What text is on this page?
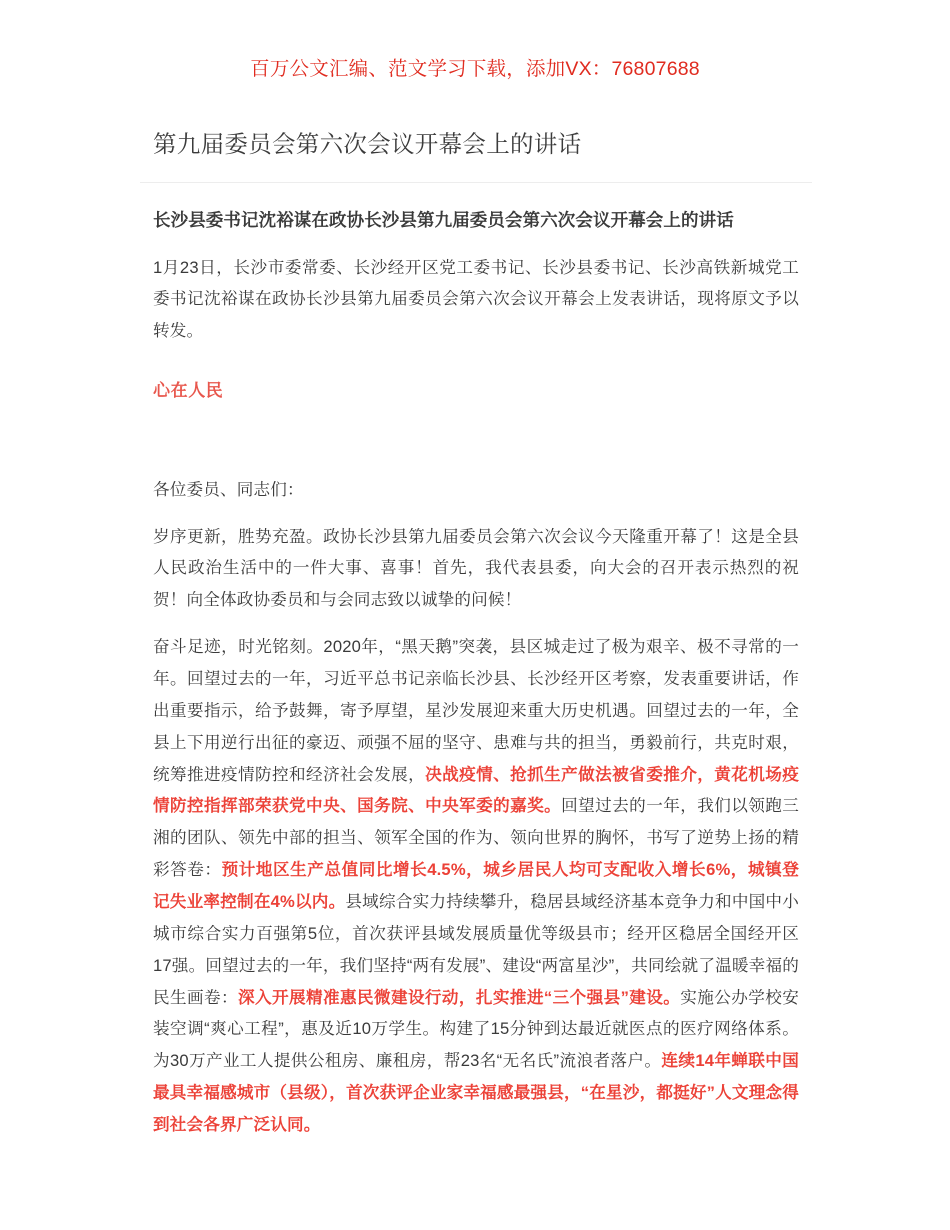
百万公文汇编、范文学习下载，添加VX：76807688
第九届委员会第六次会议开幕会上的讲话
长沙县委书记沈裕谋在政协长沙县第九届委员会第六次会议开幕会上的讲话

1月23日，长沙市委常委、长沙经开区党工委书记、长沙县委书记、长沙高铁新城党工委书记沈裕谋在政协长沙县第九届委员会第六次会议开幕会上发表讲话，现将原文予以转发。

心在人民

各位委员、同志们：

岁序更新，胜势充盈。政协长沙县第九届委员会第六次会议今天隆重开幕了！这是全县人民政治生活中的一件大事、喜事！首先，我代表县委，向大会的召开表示热烈的祝贺！向全体政协委员和与会同志致以诚挚的问候！

奋斗足迹，时光铭刻。2020年，“黑天鹅”突袭，县区城走过了极为艰辛、极不寻常的一年。回望过去的一年，习近平总书记亲临长沙县、长沙经开区考察，发表重要讲话，作出重要指示，给予鼓舞，寄予厚望，星沙发展迎来重大历史机遇。回望过去的一年，全县上下用逆行出征的豪迈、顽强不屈的坚守、患难与共的担当，勇毅前行，共克时艰，统筹推进疫情防控和经济社会发展，决战疫情、抢抓生产做法被省委推介，黄花机场疫情防控指挥部荣获党中央、国务院、中央军委的嘉奖。回望过去的一年，我们以领跑三湘的团队、领先中部的担当、领军全国的作为、领向世界的胸怀，书写了逆势上扬的精彩答卷：预计地区生产总值同比增长4.5%，城乡居民人均可支配收入增长6%，城镇登记失业率控制在4%以内。县域综合实力持续攀升，稳居县域经济基本竞争力和中国中小城市综合实力百强第5位，首次获评县域发展质量优等级县市；经开区稳居全国经开区17强。回望过去的一年，我们坚持“两有发展”、建设“两富星沙”，共同绘就了温暖幸福的民生画卷：深入开展精准惠民微建设行动，扎实推进“三个强县”建设。实施公办学校安装空调“爽心工程”，惠及近10万学生。构建了15分钟到达最近就医点的医疗网络体系。为30万产业工人提供公租房、廉租房，帮23名“无名氏”流浪者落户。连续14年蝉联中国最具幸福感城市（县级），首次获评企业家幸福感最强县，“在星沙，都挺好”人文理念得到社会各界广泛认同。
